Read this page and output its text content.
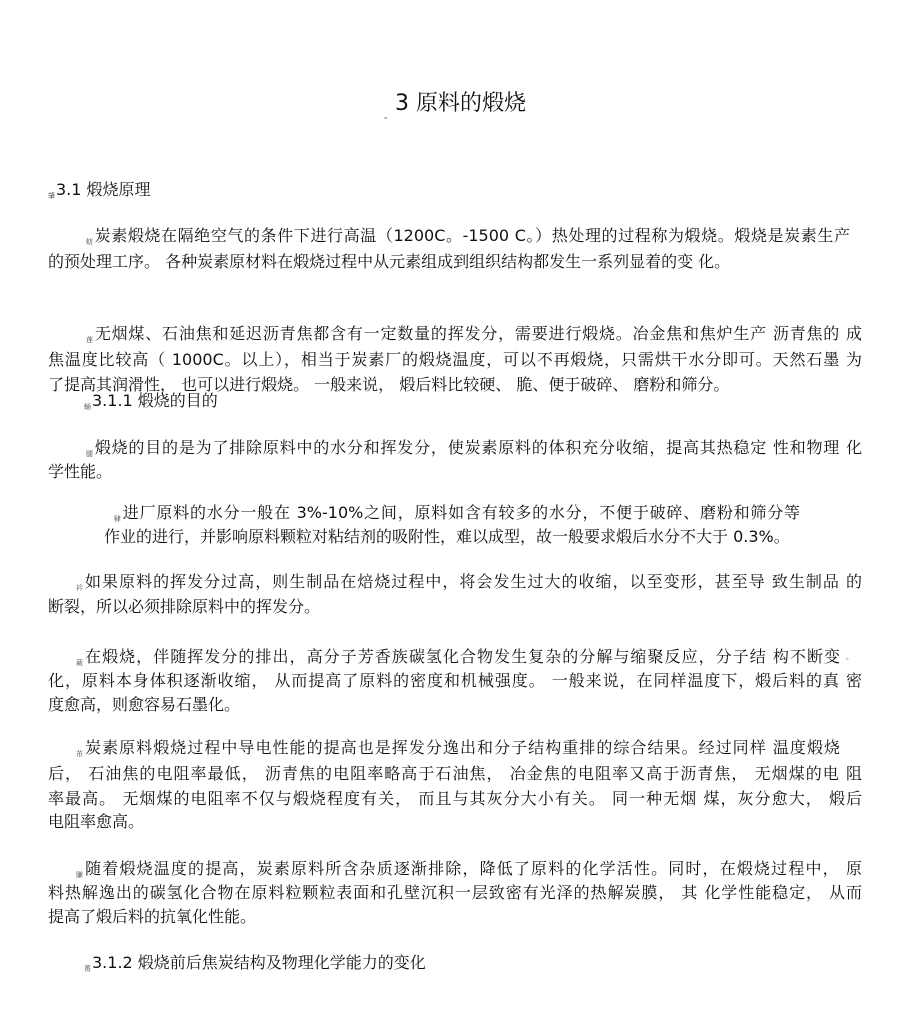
3 原料的煅烧
"
肇3.1 煅烧原理
蚄炭素煅烧在隔绝空气的条件下进行高温（1200C。-1500 C。）热处理的过程称为煅烧。煅烧是炭素生产
的预处理工序。 各种炭素原材料在煅烧过程中从元素组成到组织结构都发生一系列显着的变 化。
莲无烟煤、石油焦和延迟沥青焦都含有一定数量的挥发分，需要进行煅烧。冶金焦和焦炉生产 沥青焦的 成
焦温度比较高（ 1000C。以上），相当于炭素厂的煅烧温度，可以不再煅烧，只需烘干水分即可。天然石墨 为
了提高其润滑性， 也可以进行煅烧。 一般来说， 煅后料比较硬、 脆、便于破碎、 磨粉和筛分。
蛹3.1.1 煅烧的目的
腿煅烧的目的是为了排除原料中的水分和挥发分，使炭素原料的体积充分收缩，提高其热稳定 性和物理 化
学性能。
肄进厂原料的水分一般在 3%-10%之间，原料如含有较多的水分，不便于破碎、磨粉和筛分等
作业的进行，并影响原料颗粒对粘结剂的吸附性，难以成型，故一般要求煅后水分不大于 0.3%。
衿如果原料的挥发分过高，则生制品在焙烧过程中，将会发生过大的收缩，以至变形，甚至导 致生制品 的
断裂，所以必须排除原料中的挥发分。
葳在煅烧，伴随挥发分的排出，高分子芳香族碳氢化合物发生复杂的分解与缩聚反应，分子结 构不断变 。
化，原料本身体积逐渐收缩， 从而提高了原料的密度和机械强度。 一般来说，在同样温度下，煅后料的真 密
度愈高，则愈容易石墨化。
芇炭素原料煅烧过程中导电性能的提高也是挥发分逸出和分子结构重排的综合结果。经过同样 温度煅烧
后， 石油焦的电阻率最低， 沥青焦的电阻率略高于石油焦， 冶金焦的电阻率又高于沥青焦， 无烟煤的电 阻
率最高。 无烟煤的电阻率不仅与煅烧程度有关， 而且与其灰分大小有关。 同一种无烟 煤，灰分愈大， 煅后
电阻率愈高。
膁随着煅烧温度的提高，炭素原料所含杂质逐渐排除，降低了原料的化学活性。同时，在煅烧过程中， 原
料热解逸出的碳氢化合物在原料粒颗粒表面和孔壁沉积一层致密有光泽的热解炭膜， 其 化学性能稳定， 从而
提高了煅后料的抗氧化性能。
蒉3.1.2 煅烧前后焦炭结构及物理化学能力的变化
